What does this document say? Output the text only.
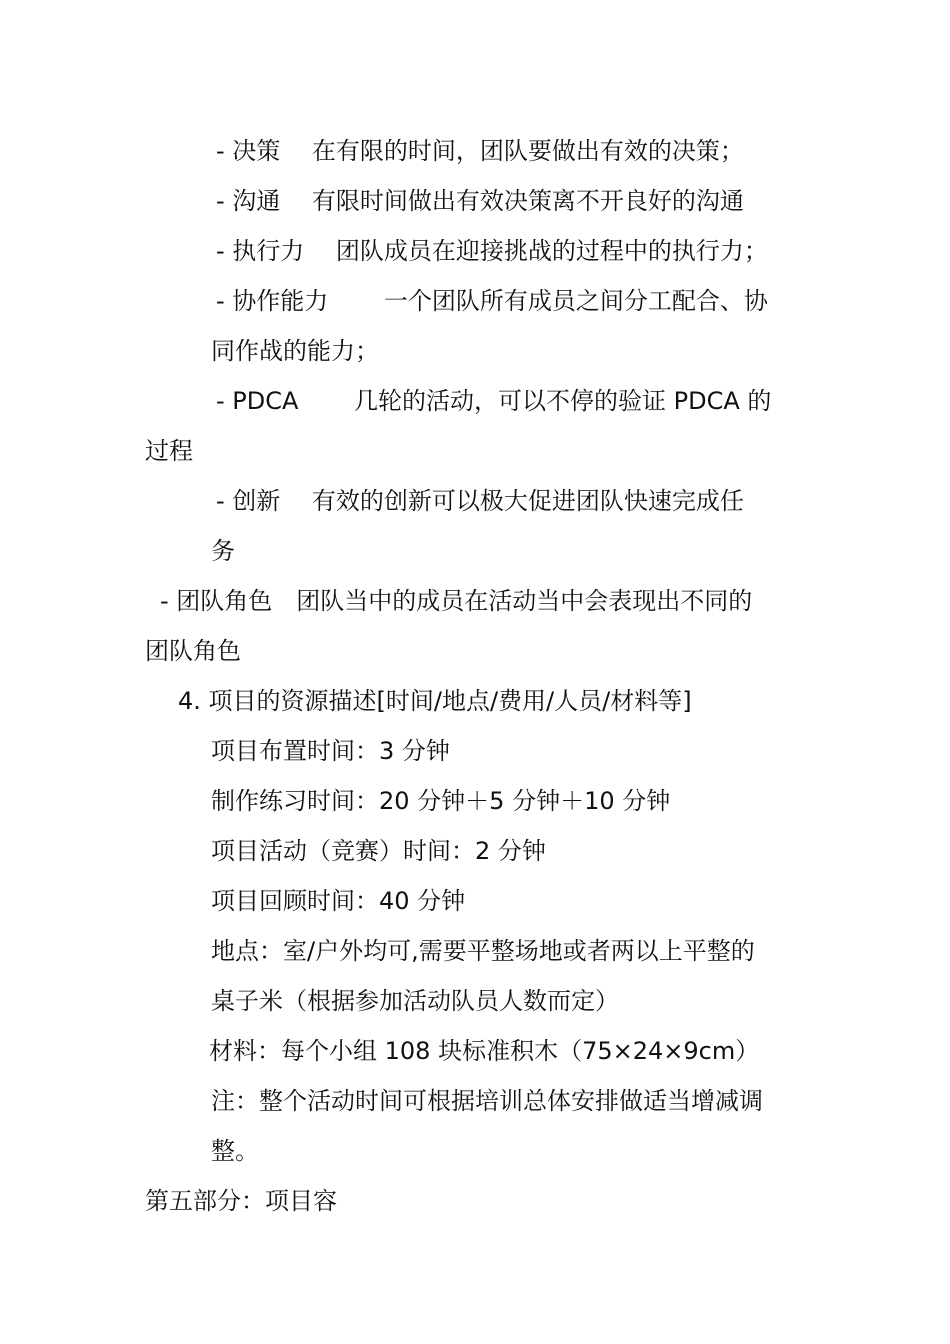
- 决策　 在有限的时间，团队要做出有效的决策；
- 沟通　 有限时间做出有效决策离不开良好的沟通
- 执行力　 团队成员在迎接挑战的过程中的执行力；
- 协作能力　　 一个团队所有成员之间分工配合、协
同作战的能力；
- PDCA　　 几轮的活动，可以不停的验证 PDCA 的
过程
- 创新　 有效的创新可以极大促进团队快速完成任
务
- 团队角色　团队当中的成员在活动当中会表现出不同的
团队角色
4. 项目的资源描述[时间/地点/费用/人员/材料等]
项目布置时间：3 分钟
制作练习时间：20 分钟＋5 分钟＋10 分钟
项目活动（竞赛）时间：2 分钟
项目回顾时间：40 分钟
地点：室/户外均可,需要平整场地或者两以上平整的
桌子米（根据参加活动队员人数而定）
材料：每个小组 108 块标准积木（75×24×9cm）
注：整个活动时间可根据培训总体安排做适当增减调
整。
第五部分：项目容
